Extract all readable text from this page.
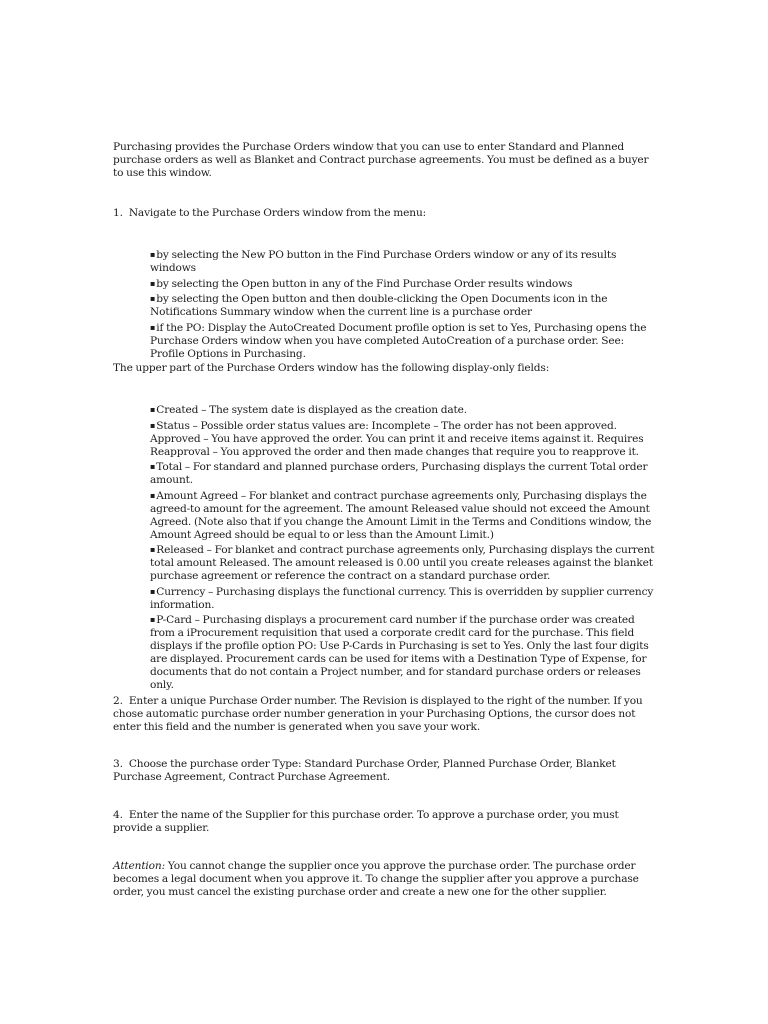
Purchasing provides the Purchase Orders window that you can use to enter Standard and Planned purchase orders as well as Blanket and Contract purchase agreements. You must be defined as a buyer to use this window.

1. Navigate to the Purchase Orders window from the menu:

▪by selecting the New PO button in the Find Purchase Orders window or any of its results windows
▪by selecting the Open button in any of the Find Purchase Order results windows
▪by selecting the Open button and then double-clicking the Open Documents icon in the Notifications Summary window when the current line is a purchase order
▪if the PO: Display the AutoCreated Document profile option is set to Yes, Purchasing opens the Purchase Orders window when you have completed AutoCreation of a purchase order. See: Profile Options in Purchasing.

The upper part of the Purchase Orders window has the following display-only fields:

▪Created – The system date is displayed as the creation date.
▪Status – Possible order status values are: Incomplete – The order has not been approved. Approved – You have approved the order. You can print it and receive items against it. Requires Reapproval – You approved the order and then made changes that require you to reapprove it.
▪Total – For standard and planned purchase orders, Purchasing displays the current Total order amount.
▪Amount Agreed – For blanket and contract purchase agreements only, Purchasing displays the agreed-to amount for the agreement. The amount Released value should not exceed the Amount Agreed. (Note also that if you change the Amount Limit in the Terms and Conditions window, the Amount Agreed should be equal to or less than the Amount Limit.)
▪Released – For blanket and contract purchase agreements only, Purchasing displays the current total amount Released. The amount released is 0.00 until you create releases against the blanket purchase agreement or reference the contract on a standard purchase order.
▪Currency – Purchasing displays the functional currency. This is overridden by supplier currency information.
▪P-Card – Purchasing displays a procurement card number if the purchase order was created from a iProcurement requisition that used a corporate credit card for the purchase. This field displays if the profile option PO: Use P-Cards in Purchasing is set to Yes. Only the last four digits are displayed. Procurement cards can be used for items with a Destination Type of Expense, for documents that do not contain a Project number, and for standard purchase orders or releases only.

2. Enter a unique Purchase Order number. The Revision is displayed to the right of the number. If you chose automatic purchase order number generation in your Purchasing Options, the cursor does not enter this field and the number is generated when you save your work.

3. Choose the purchase order Type: Standard Purchase Order, Planned Purchase Order, Blanket Purchase Agreement, Contract Purchase Agreement.

4. Enter the name of the Supplier for this purchase order. To approve a purchase order, you must provide a supplier.

Attention: You cannot change the supplier once you approve the purchase order. The purchase order becomes a legal document when you approve it. To change the supplier after you approve a purchase order, you must cancel the existing purchase order and create a new one for the other supplier.
